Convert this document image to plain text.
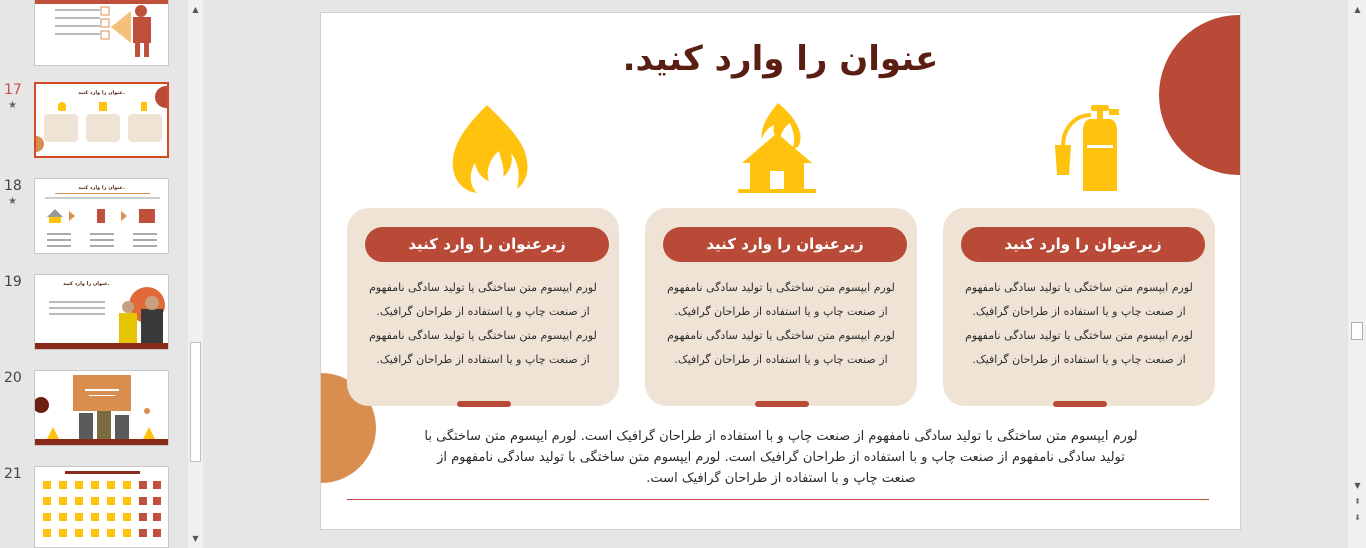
17
★
عنوان را وارد کنید.
18
★
عنوان را وارد کنید.
19	عنوان را وارد کنید.
20
21
▲
▼
عنوان را وارد کنید.
زیرعنوان را وارد کنید
لورم ایپسوم متن ساختگی یا تولید سادگی نامفهوم از صنعت چاپ و یا استفاده از طراحان گرافیک. لورم ایپسوم متن ساختگی یا تولید سادگی نامفهوم از صنعت چاپ و یا استفاده از طراحان گرافیک.
زیرعنوان را وارد کنید
لورم ایپسوم متن ساختگی یا تولید سادگی نامفهوم از صنعت چاپ و یا استفاده از طراحان گرافیک. لورم ایپسوم متن ساختگی یا تولید سادگی نامفهوم از صنعت چاپ و یا استفاده از طراحان گرافیک.
زیرعنوان را وارد کنید
لورم ایپسوم متن ساختگی یا تولید سادگی نامفهوم از صنعت چاپ و یا استفاده از طراحان گرافیک. لورم ایپسوم متن ساختگی یا تولید سادگی نامفهوم از صنعت چاپ و یا استفاده از طراحان گرافیک.
لورم ایپسوم متن ساختگی با تولید سادگی نامفهوم از صنعت چاپ و با استفاده از طراحان گرافیک است. لورم ایپسوم متن ساختگی با تولید سادگی نامفهوم از صنعت چاپ و با استفاده از طراحان گرافیک است. لورم ایپسوم متن ساختگی با تولید سادگی نامفهوم از صنعت چاپ و با استفاده از طراحان گرافیک است.
▲
▼
⇞
⇟
